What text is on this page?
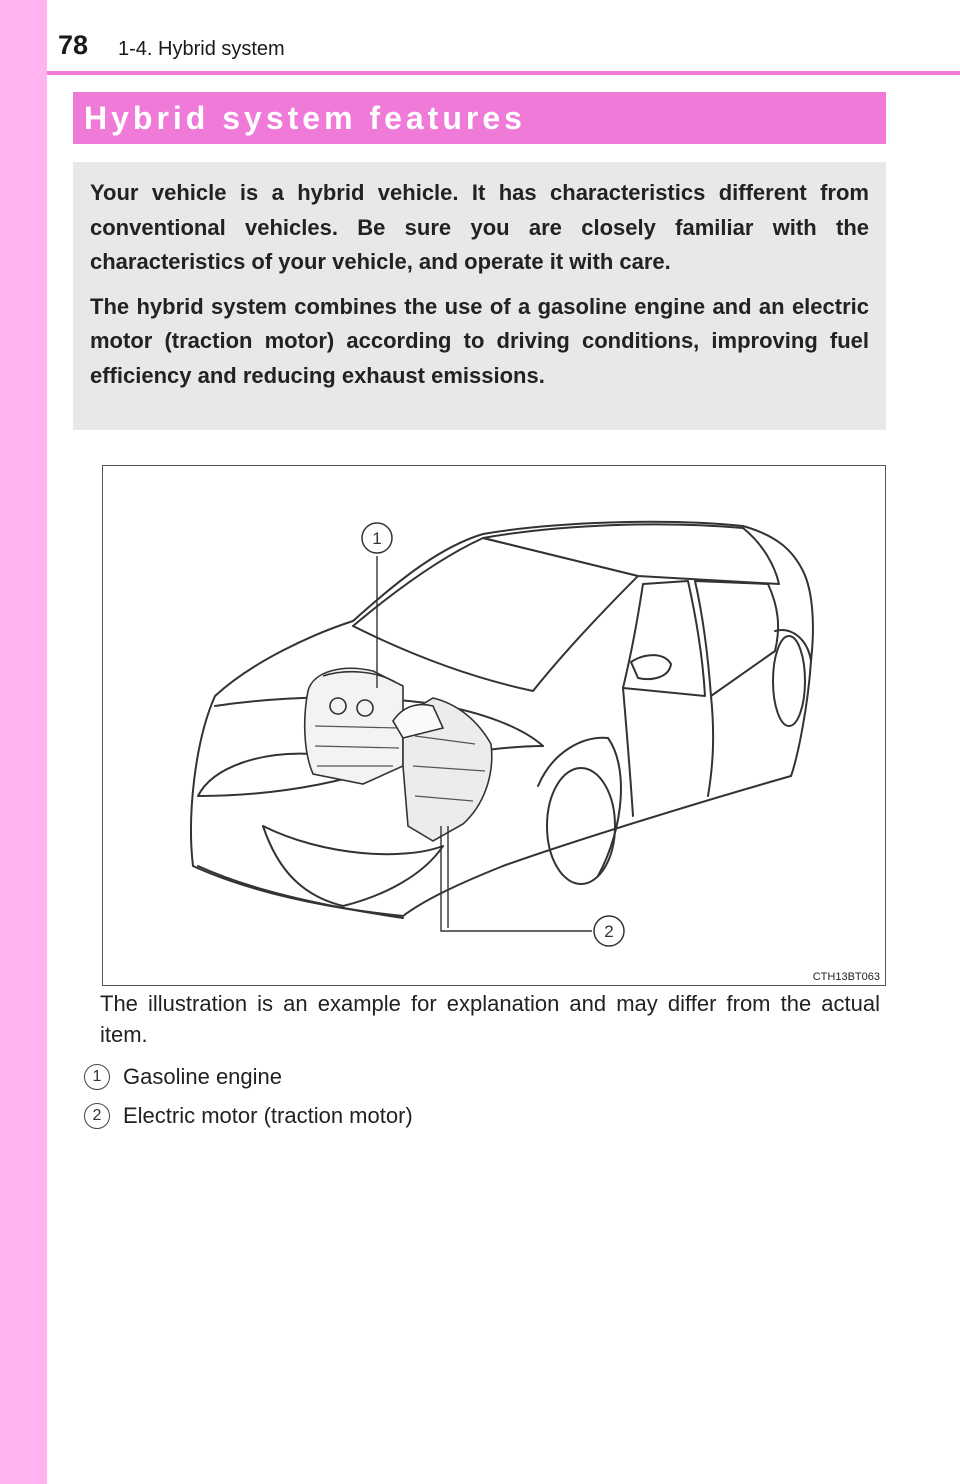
78 1-4. Hybrid system
Hybrid system features

Your vehicle is a hybrid vehicle. It has characteristics different from conventional vehicles. Be sure you are closely familiar with the characteristics of your vehicle, and operate it with care.

The hybrid system combines the use of a gasoline engine and an electric motor (traction motor) according to driving conditions, improving fuel efficiency and reducing exhaust emissions.

1
2
CTH13BT063
The illustration is an example for explanation and may differ from the actual item.
1 Gasoline engine
2 Electric motor (traction motor)
